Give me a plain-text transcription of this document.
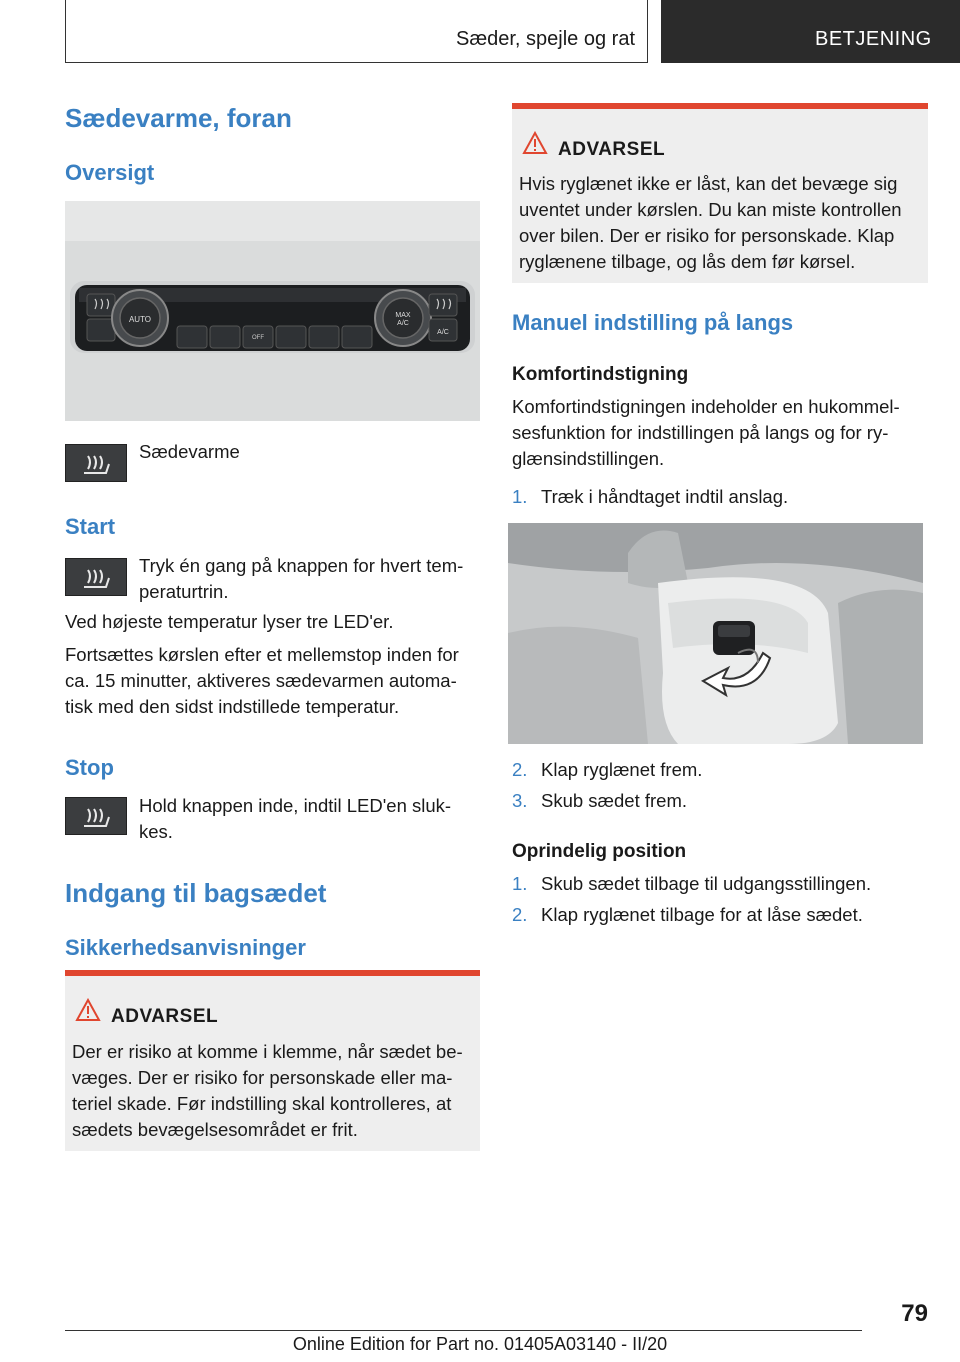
Sæder, spejle og rat	BETJENING
Sædevarme, foran
Oversigt
AUTO
OFF
MAX
A/C
A/C

Sædevarme

Start

Tryk én gang på knappen for hvert tem-

peraturtrin.

Ved højeste temperatur lyser tre LED'er.

Fortsættes kørslen efter et mellemstop inden for

ca. 15 minutter, aktiveres sædevarmen automa-

tisk med den sidst indstillede temperatur.

Stop

Hold knappen inde, indtil LED'en sluk-

kes.

Indgang til bagsædet
Sikkerhedsanvisninger
ADVARSEL

Der er risiko at komme i klemme, når sædet be-

væges. Der er risiko for personskade eller ma-

teriel skade. Før indstilling skal kontrolleres, at

sædets bevægelsesområdet er frit.

ADVARSEL

Hvis ryglænet ikke er låst, kan det bevæge sig

uventet under kørslen. Du kan miste kontrollen

over bilen. Der er risiko for personskade. Klap

ryglænene tilbage, og lås dem før kørsel.

Manuel indstilling på langs
Komfortindstigning

Komfortindstigningen indeholder en hukommel-

sesfunktion for indstillingen på langs og for ry-

glænsindstillingen.

1. Træk i håndtaget indtil anslag.
2. Klap ryglænet frem.
3. Skub sædet frem.
Oprindelig position
1. Skub sædet tilbage til udgangsstillingen.
2. Klap ryglænet tilbage for at låse sædet.
79
Online Edition for Part no. 01405A03140 - II/20
